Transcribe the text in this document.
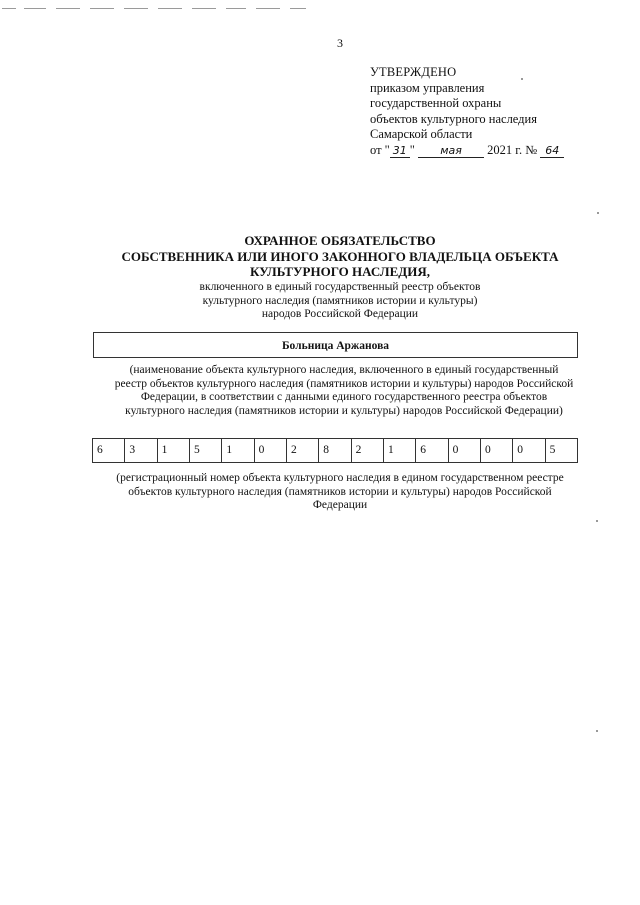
3
УТВЕРЖДЕНО
приказом управления
государственной охраны
объектов культурного наследия
Самарской области
от " 31 " мая 2021 г. № 64
ОХРАННОЕ ОБЯЗАТЕЛЬСТВО
СОБСТВЕННИКА ИЛИ ИНОГО ЗАКОННОГО ВЛАДЕЛЬЦА ОБЪЕКТА
КУЛЬТУРНОГО НАСЛЕДИЯ,
включенного в единый государственный реестр объектов
культурного наследия (памятников истории и культуры)
народов Российской Федерации
Больница Аржанова
(наименование объекта культурного наследия, включенного в единый государственный
реестр объектов культурного наследия (памятников истории и культуры) народов Российской
Федерации, в соответствии с данными единого государственного реестра объектов
культурного наследия (памятников истории и культуры) народов Российской Федерации)
6	3	1	5	1	0	2	8	2	1	6	0	0	0	5
(регистрационный номер объекта культурного наследия в едином государственном реестре
объектов культурного наследия (памятников истории и культуры) народов Российской
Федерации
